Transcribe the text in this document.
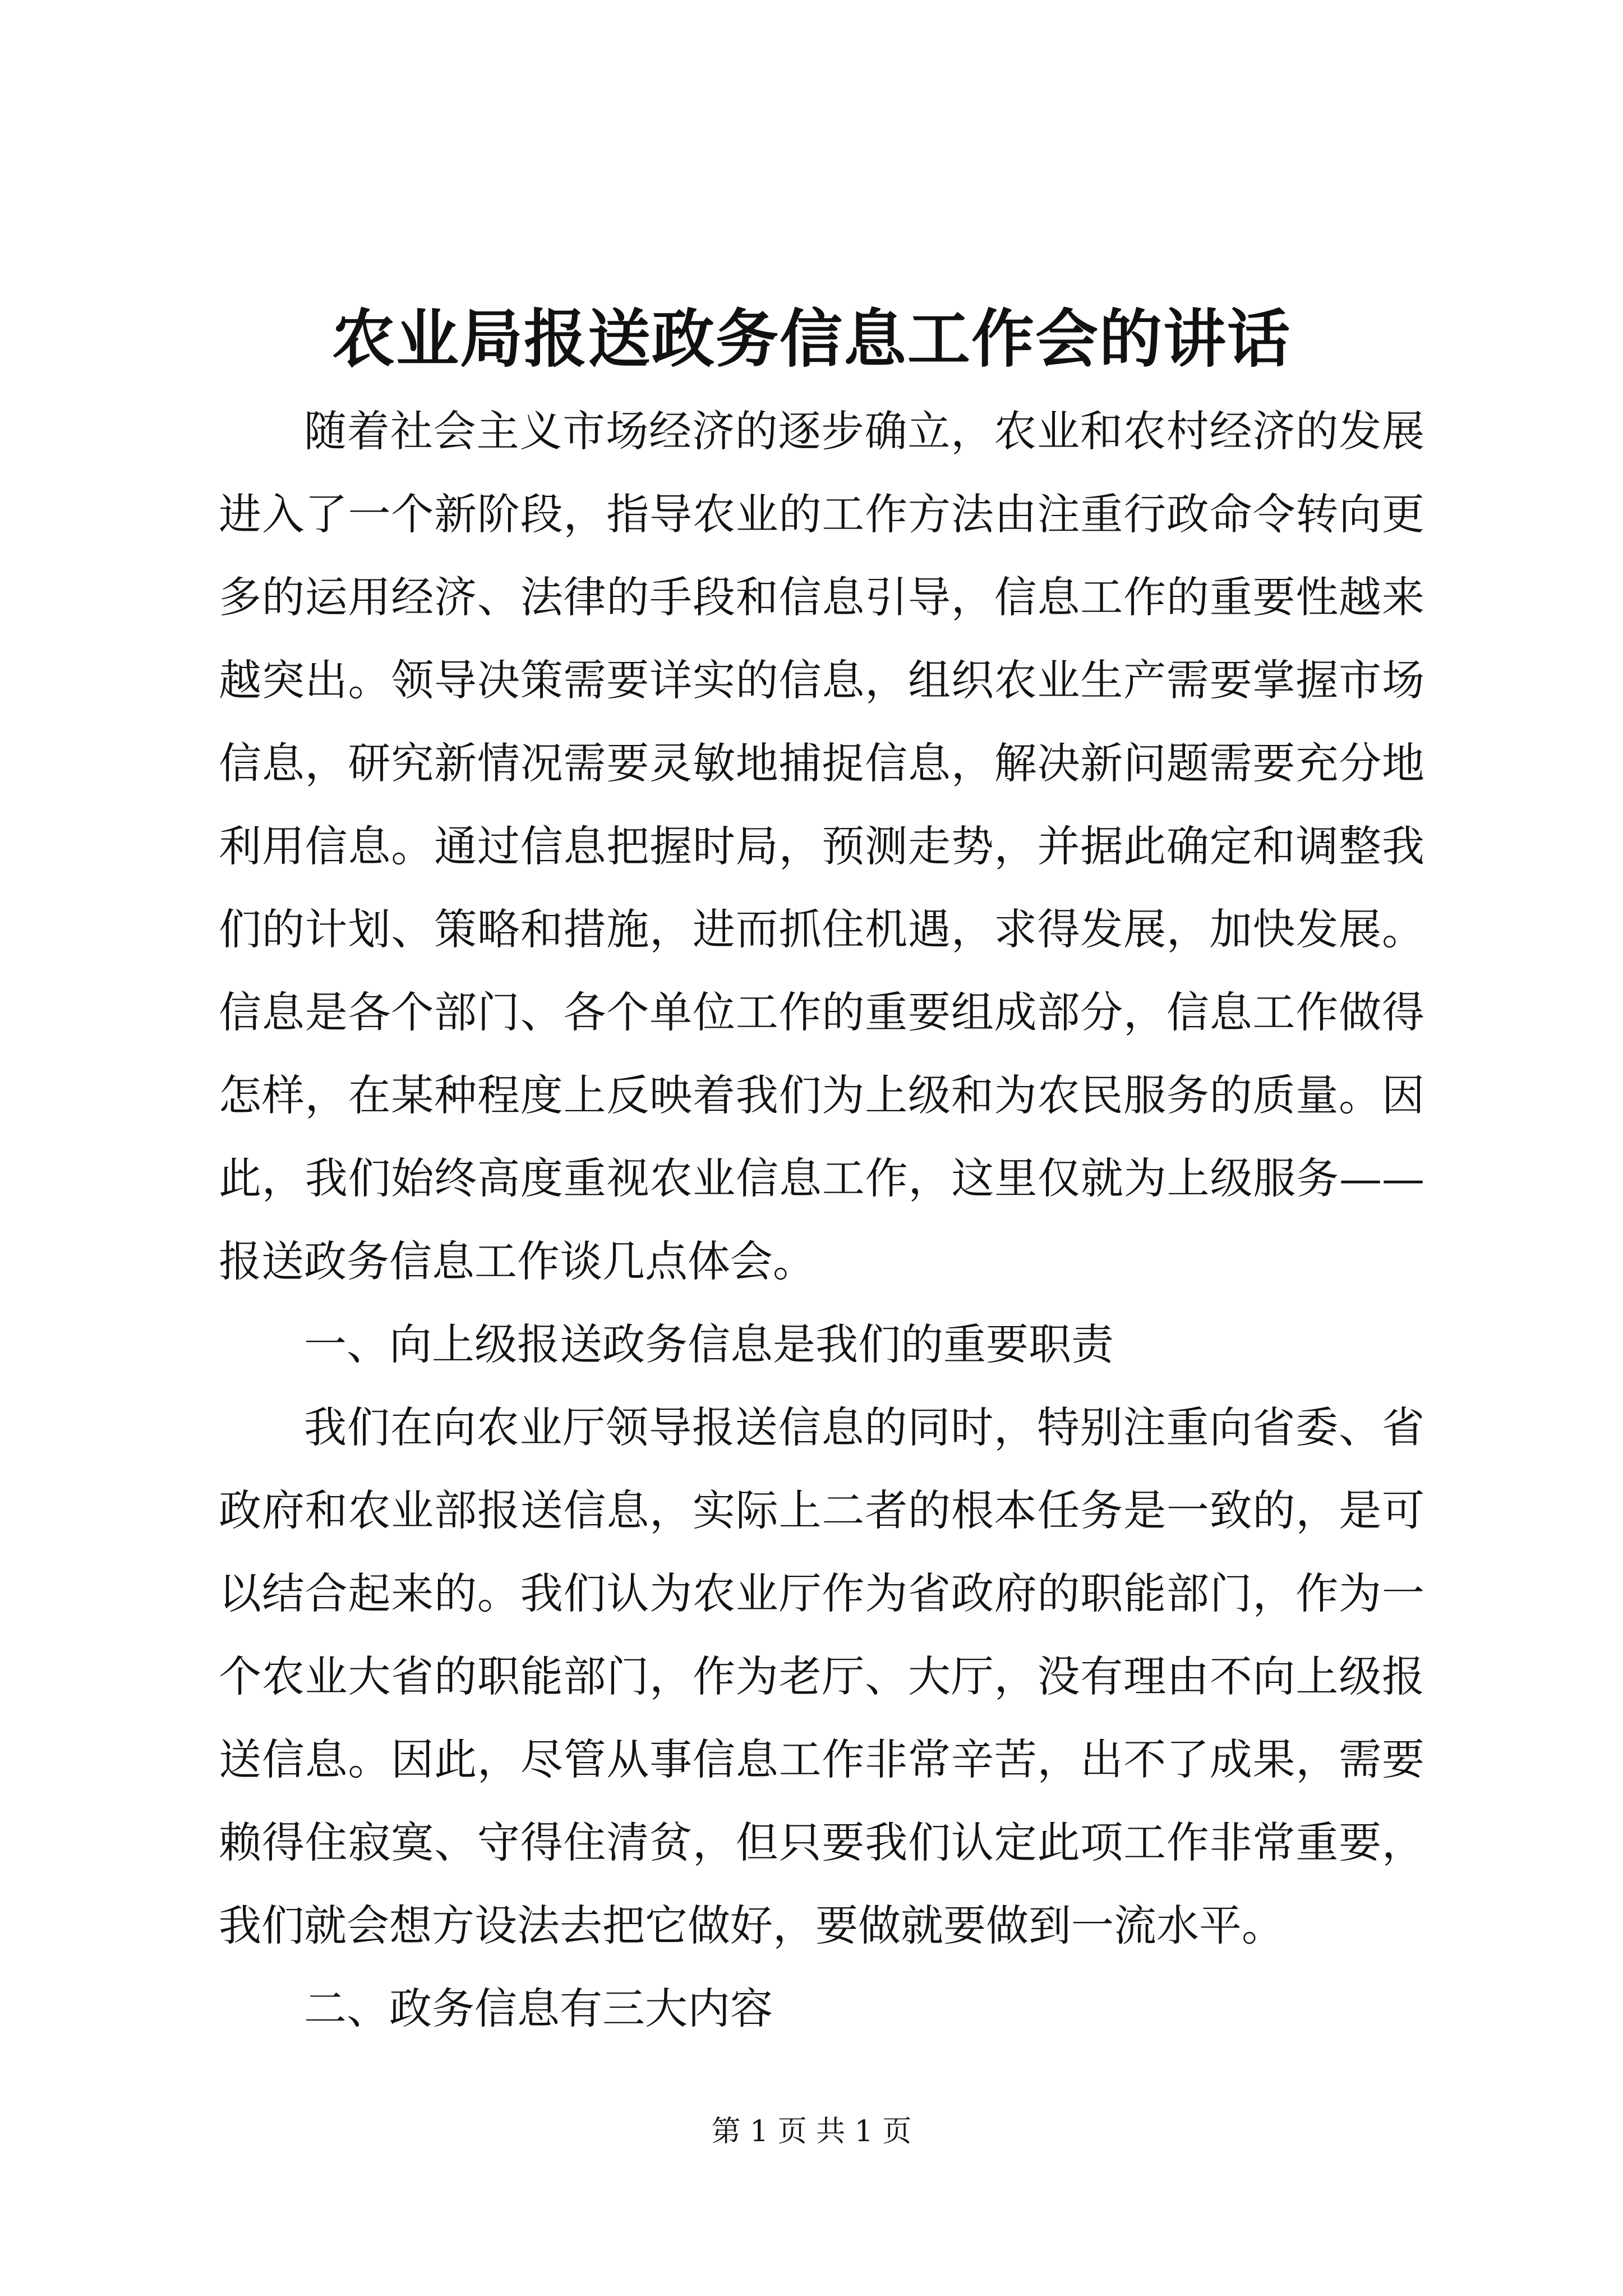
农业局报送政务信息工作会的讲话

随着社会主义市场经济的逐步确立，农业和农村经济的发展进入了一个新阶段，指导农业的工作方法由注重行政命令转向更多的运用经济、法律的手段和信息引导，信息工作的重要性越来越突出。领导决策需要详实的信息，组织农业生产需要掌握市场信息，研究新情况需要灵敏地捕捉信息，解决新问题需要充分地利用信息。通过信息把握时局，预测走势，并据此确定和调整我们的计划、策略和措施，进而抓住机遇，求得发展，加快发展。信息是各个部门、各个单位工作的重要组成部分，信息工作做得怎样，在某种程度上反映着我们为上级和为农民服务的质量。因此，我们始终高度重视农业信息工作，这里仅就为上级服务——报送政务信息工作谈几点体会。

一、向上级报送政务信息是我们的重要职责

我们在向农业厅领导报送信息的同时，特别注重向省委、省政府和农业部报送信息，实际上二者的根本任务是一致的，是可以结合起来的。我们认为农业厅作为省政府的职能部门，作为一个农业大省的职能部门，作为老厅、大厅，没有理由不向上级报送信息。因此，尽管从事信息工作非常辛苦，出不了成果，需要赖得住寂寞、守得住清贫，但只要我们认定此项工作非常重要，我们就会想方设法去把它做好，要做就要做到一流水平。

二、政务信息有三大内容

第 1 页 共 1 页
